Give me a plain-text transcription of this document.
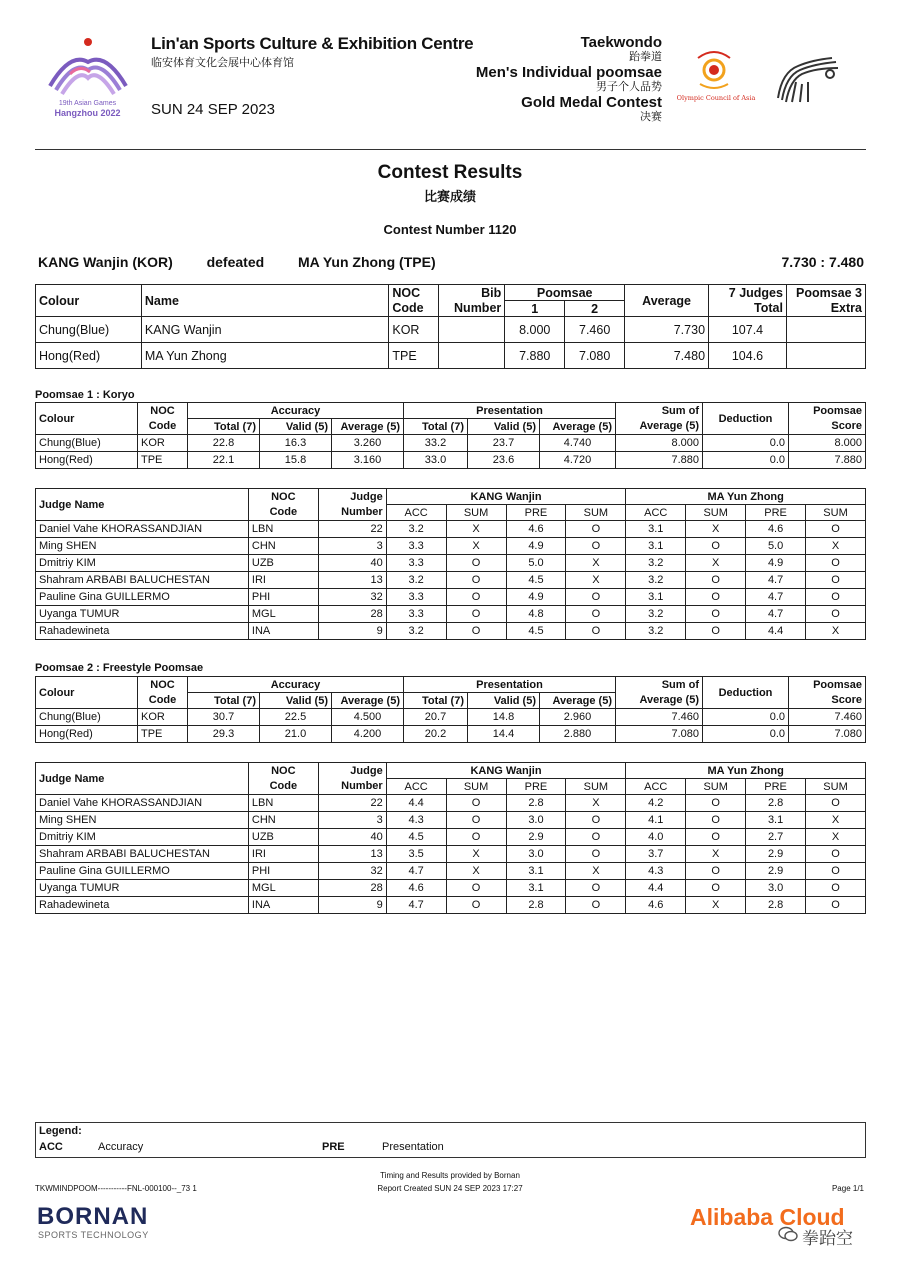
19th Asian Games
Hangzhou 2022
Lin'an Sports Culture & Exhibition Centre
临安体育文化会展中心体育馆
SUN 24 SEP 2023
Taekwondo
跆拳道
Men's Individual poomsae
男子个人品势
Gold Medal Contest
决赛
Olympic Council of Asia
Contest Results
比赛成绩
Contest Number 1120
KANG Wanjin (KOR) defeated MA Yun Zhong (TPE)	7.730 : 7.480
Colour	Name	NOC	Bib	Poomsae		Average	7 Judges	Poomsae 3
		Code	Number	1	2		Total	Extra
Chung(Blue)	KANG Wanjin	KOR		8.000	7.460	7.730	107.4	
Hong(Red)	MA Yun Zhong	TPE		7.880	7.080	7.480	104.6	
Poomsae 1 : Koryo
Colour	NOC	Accuracy			Presentation			Sum of	Deduction	Poomsae
	Code	Total (7)	Valid (5)	Average (5)	Total (7)	Valid (5)	Average (5)	Average (5)		Score
Chung(Blue)	KOR	22.8	16.3	3.260	33.2	23.7	4.740	8.000	0.0	8.000
Hong(Red)	TPE	22.1	15.8	3.160	33.0	23.6	4.720	7.880	0.0	7.880
Judge Name	NOC	Judge	KANG Wanjin				MA Yun Zhong			
	Code	Number	ACC	SUM	PRE	SUM	ACC	SUM	PRE	SUM
Daniel Vahe KHORASSANDJIAN	LBN	22	3.2	X	4.6	O	3.1	X	4.6	O
Ming SHEN	CHN	3	3.3	X	4.9	O	3.1	O	5.0	X
Dmitriy KIM	UZB	40	3.3	O	5.0	X	3.2	X	4.9	O
Shahram ARBABI BALUCHESTAN	IRI	13	3.2	O	4.5	X	3.2	O	4.7	O
Pauline Gina GUILLERMO	PHI	32	3.3	O	4.9	O	3.1	O	4.7	O
Uyanga TUMUR	MGL	28	3.3	O	4.8	O	3.2	O	4.7	O
Rahadewineta	INA	9	3.2	O	4.5	O	3.2	O	4.4	X
Poomsae 2 : Freestyle Poomsae
Colour	NOC	Accuracy			Presentation			Sum of	Deduction	Poomsae
	Code	Total (7)	Valid (5)	Average (5)	Total (7)	Valid (5)	Average (5)	Average (5)		Score
Chung(Blue)	KOR	30.7	22.5	4.500	20.7	14.8	2.960	7.460	0.0	7.460
Hong(Red)	TPE	29.3	21.0	4.200	20.2	14.4	2.880	7.080	0.0	7.080
Judge Name	NOC	Judge	KANG Wanjin				MA Yun Zhong			
	Code	Number	ACC	SUM	PRE	SUM	ACC	SUM	PRE	SUM
Daniel Vahe KHORASSANDJIAN	LBN	22	4.4	O	2.8	X	4.2	O	2.8	O
Ming SHEN	CHN	3	4.3	O	3.0	O	4.1	O	3.1	X
Dmitriy KIM	UZB	40	4.5	O	2.9	O	4.0	O	2.7	X
Shahram ARBABI BALUCHESTAN	IRI	13	3.5	X	3.0	O	3.7	X	2.9	O
Pauline Gina GUILLERMO	PHI	32	4.7	X	3.1	X	4.3	O	2.9	O
Uyanga TUMUR	MGL	28	4.6	O	3.1	O	4.4	O	3.0	O
Rahadewineta	INA	9	4.7	O	2.8	O	4.6	X	2.8	O
Legend:
ACC	Accuracy	PRE	Presentation
Timing and Results provided by Bornan
TKWMINDPOOM-----------FNL-000100--_73 1	Report Created SUN 24 SEP 2023 17:27	Page 1/1
BORNAN
SPORTS TECHNOLOGY
Alibaba Cloud
拳跆空
